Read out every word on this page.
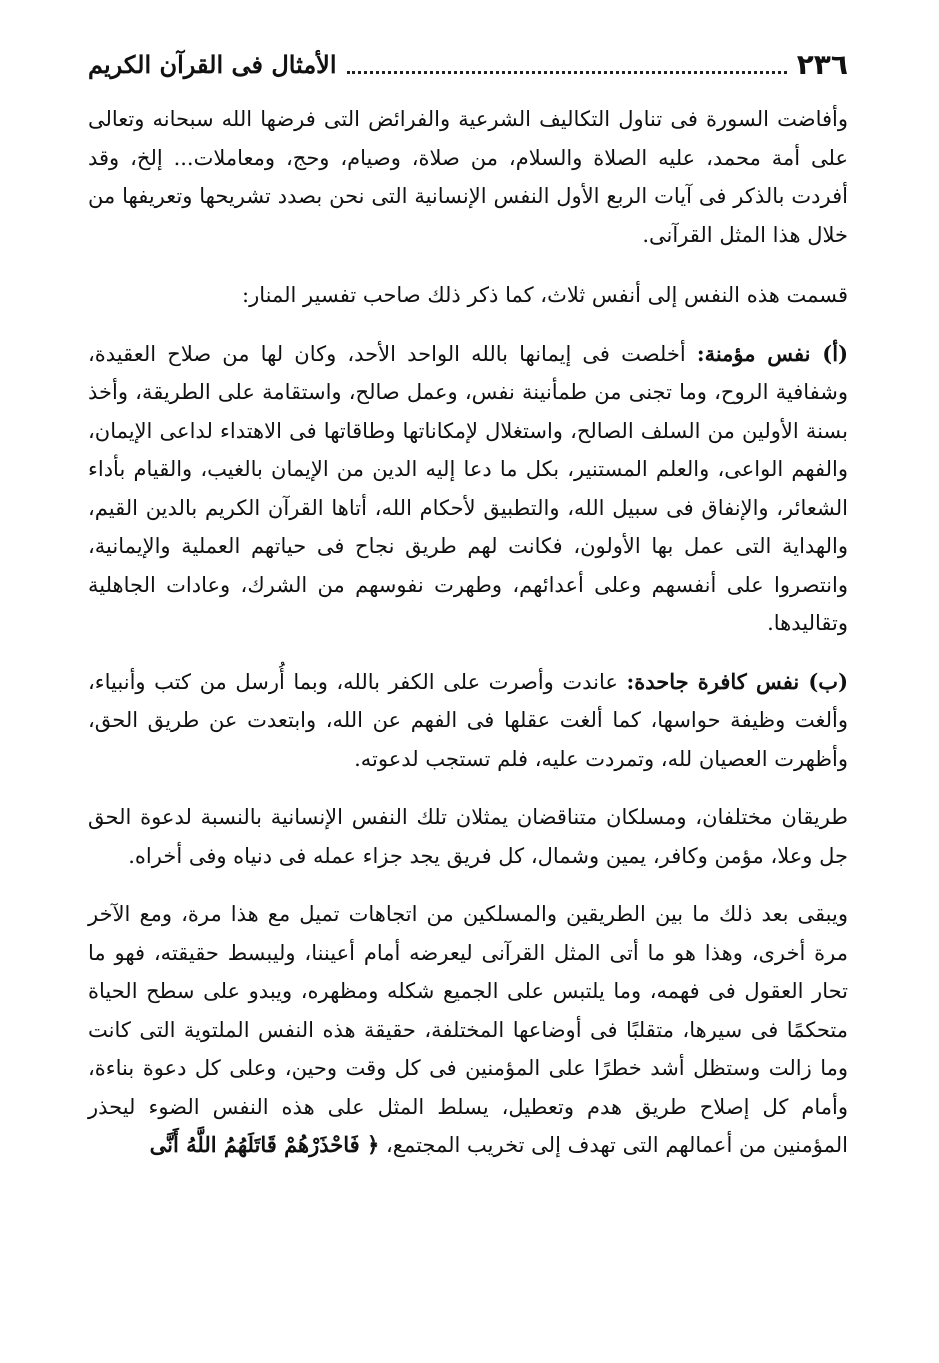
٢٣٦
الأمثال فى القرآن الكريم

وأفاضت السورة فى تناول التكاليف الشرعية والفرائض التى فرضها الله سبحانه وتعالى على أمة محمد، عليه الصلاة والسلام، من صلاة، وصيام، وحج، ومعاملات... إلخ، وقد أفردت بالذكر فى آيات الربع الأول النفس الإنسانية التى نحن بصدد تشريحها وتعريفها من خلال هذا المثل القرآنى.

قسمت هذه النفس إلى أنفس ثلاث، كما ذكر ذلك صاحب تفسير المنار:

(أ) نفس مؤمنة: أخلصت فى إيمانها بالله الواحد الأحد، وكان لها من صلاح العقيدة، وشفافية الروح، وما تجنى من طمأنينة نفس، وعمل صالح، واستقامة على الطريقة، وأخذ بسنة الأولين من السلف الصالح، واستغلال لإمكاناتها وطاقاتها فى الاهتداء لداعى الإيمان، والفهم الواعى، والعلم المستنير، بكل ما دعا إليه الدين من الإيمان بالغيب، والقيام بأداء الشعائر، والإنفاق فى سبيل الله، والتطبيق لأحكام الله، أتاها القرآن الكريم بالدين القيم، والهداية التى عمل بها الأولون، فكانت لهم طريق نجاح فى حياتهم العملية والإيمانية، وانتصروا على أنفسهم وعلى أعدائهم، وطهرت نفوسهم من الشرك، وعادات الجاهلية وتقاليدها.

(ب) نفس كافرة جاحدة: عاندت وأصرت على الكفر بالله، وبما أُرسل من كتب وأنبياء، وألغت وظيفة حواسها، كما ألغت عقلها فى الفهم عن الله، وابتعدت عن طريق الحق، وأظهرت العصيان لله، وتمردت عليه، فلم تستجب لدعوته.

طريقان مختلفان، ومسلكان متناقضان يمثلان تلك النفس الإنسانية بالنسبة لدعوة الحق جل وعلا، مؤمن وكافر، يمين وشمال، كل فريق يجد جزاء عمله فى دنياه وفى أخراه.

ويبقى بعد ذلك ما بين الطريقين والمسلكين من اتجاهات تميل مع هذا مرة، ومع الآخر مرة أخرى، وهذا هو ما أتى المثل القرآنى ليعرضه أمام أعيننا، وليبسط حقيقته، فهو ما تحار العقول فى فهمه، وما يلتبس على الجميع شكله ومظهره، ويبدو على سطح الحياة متحكمًا فى سيرها، متقلبًا فى أوضاعها المختلفة، حقيقة هذه النفس الملتوية التى كانت وما زالت وستظل أشد خطرًا على المؤمنين فى كل وقت وحين، وعلى كل دعوة بناءة، وأمام كل إصلاح طريق هدم وتعطيل، يسلط المثل على هذه النفس الضوء ليحذر المؤمنين من أعمالهم التى تهدف إلى تخريب المجتمع، ﴿ فَاحْذَرْهُمْ قَاتَلَهُمُ اللَّهُ أَنَّى
